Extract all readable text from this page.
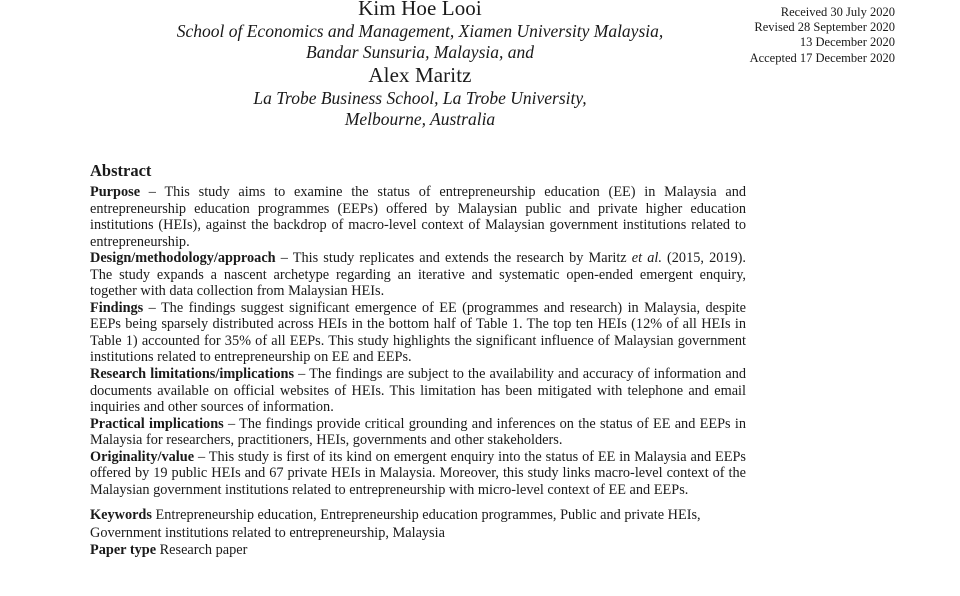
Kim Hoe Looi
School of Economics and Management, Xiamen University Malaysia,
Bandar Sunsuria, Malaysia, and
Alex Maritz
La Trobe Business School, La Trobe University,
Melbourne, Australia
Received 30 July 2020
Revised 28 September 2020
13 December 2020
Accepted 17 December 2020
Abstract

Purpose – This study aims to examine the status of entrepreneurship education (EE) in Malaysia and entrepreneurship education programmes (EEPs) offered by Malaysian public and private higher education institutions (HEIs), against the backdrop of macro-level context of Malaysian government institutions related to entrepreneurship.

Design/methodology/approach – This study replicates and extends the research by Maritz et al. (2015, 2019). The study expands a nascent archetype regarding an iterative and systematic open-ended emergent enquiry, together with data collection from Malaysian HEIs.

Findings – The findings suggest significant emergence of EE (programmes and research) in Malaysia, despite EEPs being sparsely distributed across HEIs in the bottom half of Table 1. The top ten HEIs (12% of all HEIs in Table 1) accounted for 35% of all EEPs. This study highlights the significant influence of Malaysian government institutions related to entrepreneurship on EE and EEPs.

Research limitations/implications – The findings are subject to the availability and accuracy of information and documents available on official websites of HEIs. This limitation has been mitigated with telephone and email inquiries and other sources of information.

Practical implications – The findings provide critical grounding and inferences on the status of EE and EEPs in Malaysia for researchers, practitioners, HEIs, governments and other stakeholders.

Originality/value – This study is first of its kind on emergent enquiry into the status of EE in Malaysia and EEPs offered by 19 public HEIs and 67 private HEIs in Malaysia. Moreover, this study links macro-level context of the Malaysian government institutions related to entrepreneurship with micro-level context of EE and EEPs.

Keywords Entrepreneurship education, Entrepreneurship education programmes, Public and private HEIs, Government institutions related to entrepreneurship, Malaysia

Paper type Research paper
